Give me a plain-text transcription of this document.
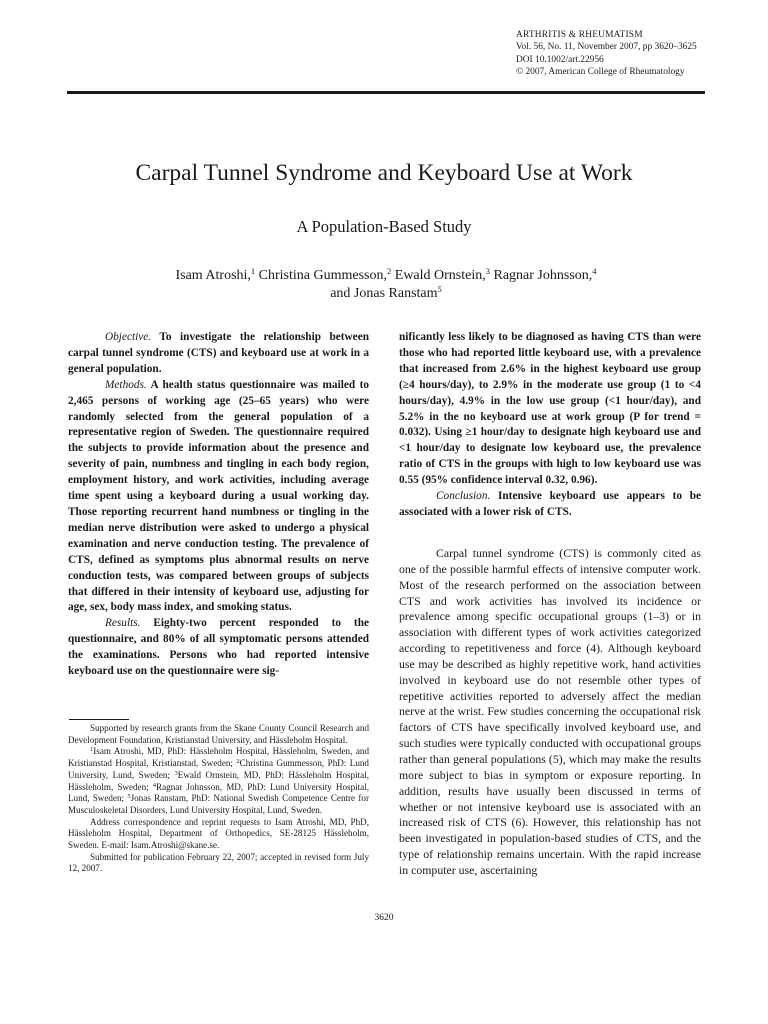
ARTHRITIS & RHEUMATISM
Vol. 56, No. 11, November 2007, pp 3620–3625
DOI 10.1002/art.22956
© 2007, American College of Rheumatology
Carpal Tunnel Syndrome and Keyboard Use at Work
A Population-Based Study
Isam Atroshi,$^1$ Christina Gummesson,$^2$ Ewald Ornstein,$^3$ Ragnar Johnsson,$^4$
and Jonas Ranstam$^5$

Objective. To investigate the relationship between carpal tunnel syndrome (CTS) and keyboard use at work in a general population.

Methods. A health status questionnaire was mailed to 2,465 persons of working age (25–65 years) who were randomly selected from the general population of a representative region of Sweden. The questionnaire required the subjects to provide information about the presence and severity of pain, numbness and tingling in each body region, employment history, and work activities, including average time spent using a keyboard during a usual working day. Those reporting recurrent hand numbness or tingling in the median nerve distribution were asked to undergo a physical examination and nerve conduction testing. The prevalence of CTS, defined as symptoms plus abnormal results on nerve conduction tests, was compared between groups of subjects that differed in their intensity of keyboard use, adjusting for age, sex, body mass index, and smoking status.

Results. Eighty-two percent responded to the questionnaire, and 80% of all symptomatic persons attended the examinations. Persons who had reported intensive keyboard use on the questionnaire were sig-

nificantly less likely to be diagnosed as having CTS than were those who had reported little keyboard use, with a prevalence that increased from 2.6% in the highest keyboard use group (≥4 hours/day), to 2.9% in the moderate use group (1 to <4 hours/day), 4.9% in the low use group (<1 hour/day), and 5.2% in the no keyboard use at work group (P for trend = 0.032). Using ≥1 hour/day to designate high keyboard use and <1 hour/day to designate low keyboard use, the prevalence ratio of CTS in the groups with high to low keyboard use was 0.55 (95% confidence interval 0.32, 0.96).

Conclusion. Intensive keyboard use appears to be associated with a lower risk of CTS.

Carpal tunnel syndrome (CTS) is commonly cited as one of the possible harmful effects of intensive computer work. Most of the research performed on the association between CTS and work activities has involved its incidence or prevalence among specific occupational groups (1–3) or in association with different types of work activities categorized according to repetitiveness and force (4). Although keyboard use may be described as highly repetitive work, hand activities involved in keyboard use do not resemble other types of repetitive activities reported to adversely affect the median nerve at the wrist. Few studies concerning the occupational risk factors of CTS have specifically involved keyboard use, and such studies were typically conducted with occupational groups rather than general populations (5), which may make the results more subject to bias in symptom or exposure reporting. In addition, results have usually been discussed in terms of whether or not intensive keyboard use is associated with an increased risk of CTS (6). However, this relationship has not been investigated in population-based studies of CTS, and the type of relationship remains uncertain. With the rapid increase in computer use, ascertaining

Supported by research grants from the Skane County Council Research and Development Foundation, Kristianstad University, and Hässleholm Hospital.

$^1$Isam Atroshi, MD, PhD: Hässleholm Hospital, Hässleholm, Sweden, and Kristianstad Hospital, Kristianstad, Sweden; $^2$Christina Gummesson, PhD: Lund University, Lund, Sweden; $^3$Ewald Ornstein, MD, PhD: Hässleholm Hospital, Hässleholm, Sweden; $^4$Ragnar Johnsson, MD, PhD: Lund University Hospital, Lund, Sweden; $^5$Jonas Ranstam, PhD: National Swedish Competence Centre for Musculoskeletal Disorders, Lund University Hospital, Lund, Sweden.

Address correspondence and reprint requests to Isam Atroshi, MD, PhD, Hässleholm Hospital, Department of Orthopedics, SE-28125 Hässleholm, Sweden. E-mail: Isam.Atroshi@skane.se.

Submitted for publication February 22, 2007; accepted in revised form July 12, 2007.

3620
